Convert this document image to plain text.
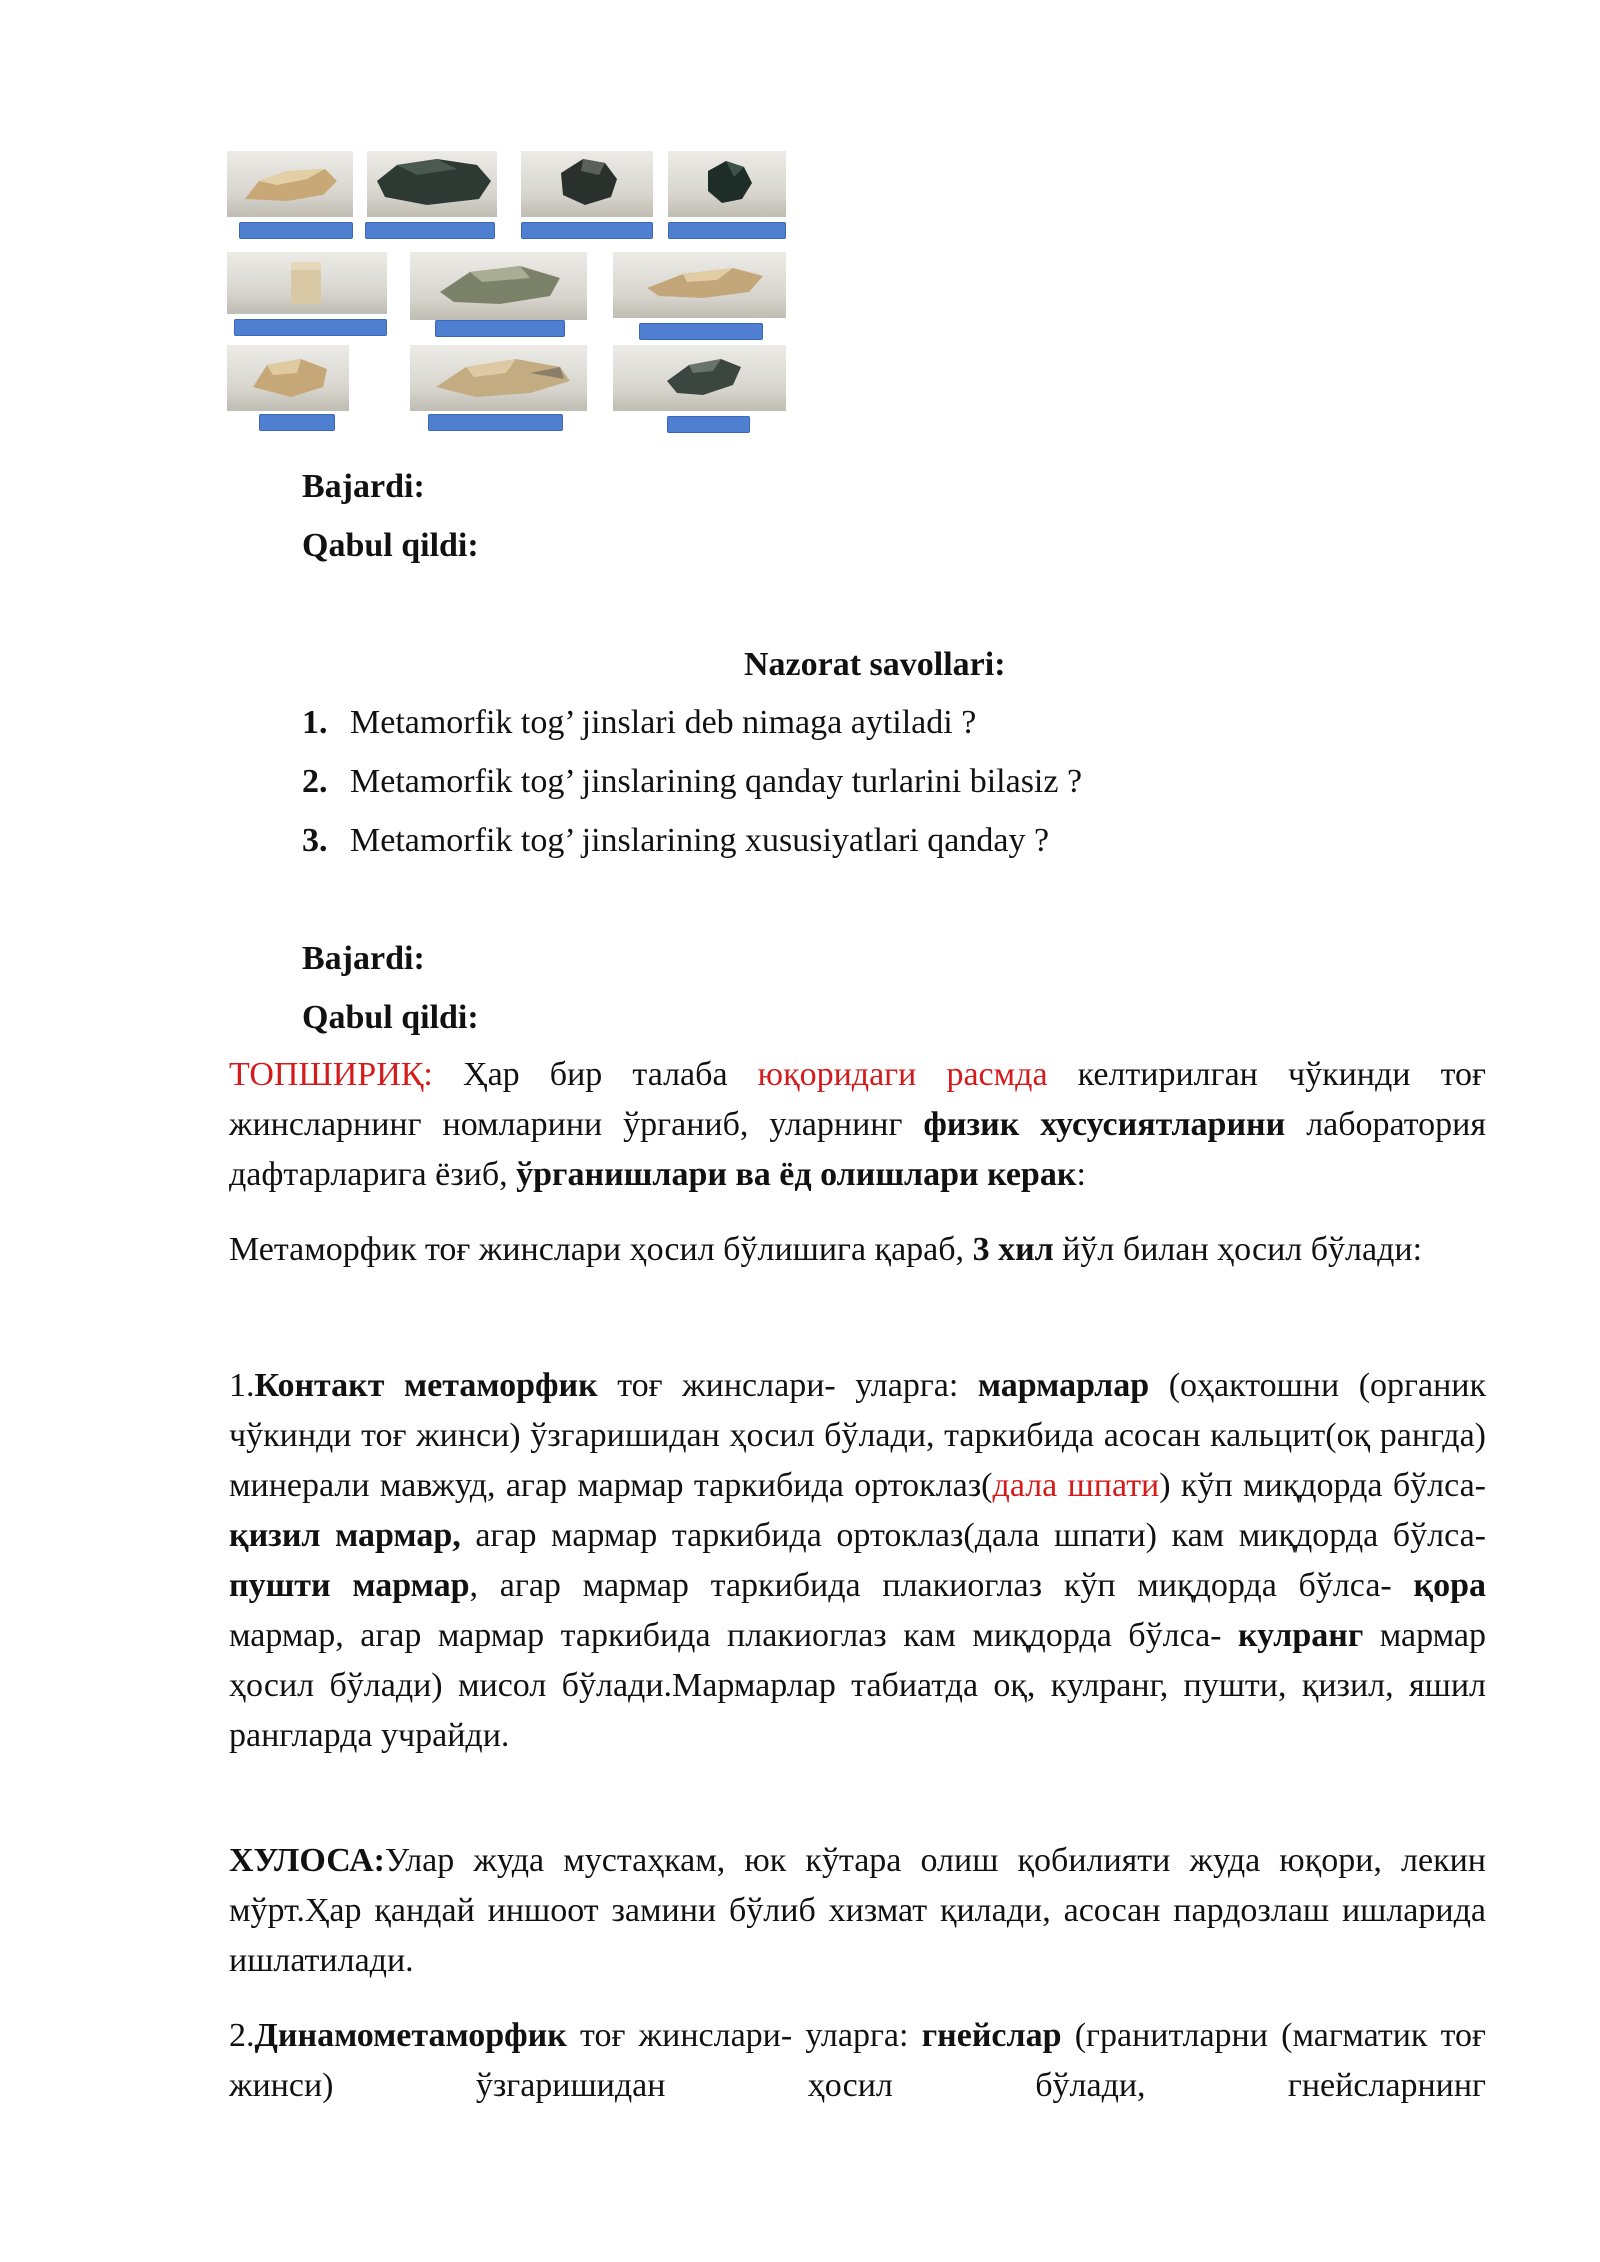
Bajardi:
Qabul qildi:
Nazorat savollari:
1. Metamorfik tog’ jinslari deb nimaga aytiladi ?
2. Metamorfik tog’ jinslarining qanday turlarini bilasiz ?
3. Metamorfik tog’ jinslarining xususiyatlari qanday ?
Bajardi:
Qabul qildi:

ТОПШИРИҚ: Ҳар бир талаба юқоридаги расмда келтирилган чўкинди тоғ жинсларнинг номларини ўрганиб, уларнинг физик хусусиятларини лаборатория дафтарларига ёзиб, ўрганишлари ва ёд олишлари керак:

Метаморфик тоғ жинслари ҳосил бўлишига қараб, 3 хил йўл билан ҳосил бўлади:

1.Контакт метаморфик тоғ жинслари- уларга: мармарлар (оҳактошни (органик чўкинди тоғ жинси) ўзгаришидан ҳосил бўлади, таркибида асосан кальцит(оқ рангда) минерали мавжуд, агар мармар таркибида ортоклаз(дала шпати) кўп миқдорда бўлса- қизил мармар, агар мармар таркибида ортоклаз(дала шпати) кам миқдорда бўлса- пушти мармар, агар мармар таркибида плакиоглаз кўп миқдорда бўлса- қора мармар, агар мармар таркибида плакиоглаз кам миқдорда бўлса- кулранг мармар ҳосил бўлади) мисол бўлади.Мармарлар табиатда оқ, кулранг, пушти, қизил, яшил рангларда учрайди.

ХУЛОСА:Улар жуда мустаҳкам, юк кўтара олиш қобилияти жуда юқори, лекин мўрт.Ҳар қандай иншоот замини бўлиб хизмат қилади, асосан пардозлаш ишларида ишлатилади.

2.Динамометаморфик тоғ жинслари- уларга: гнейслар (гранитларни (магматик тоғ жинси) ўзгаришидан ҳосил бўлади, гнейсларнинг
